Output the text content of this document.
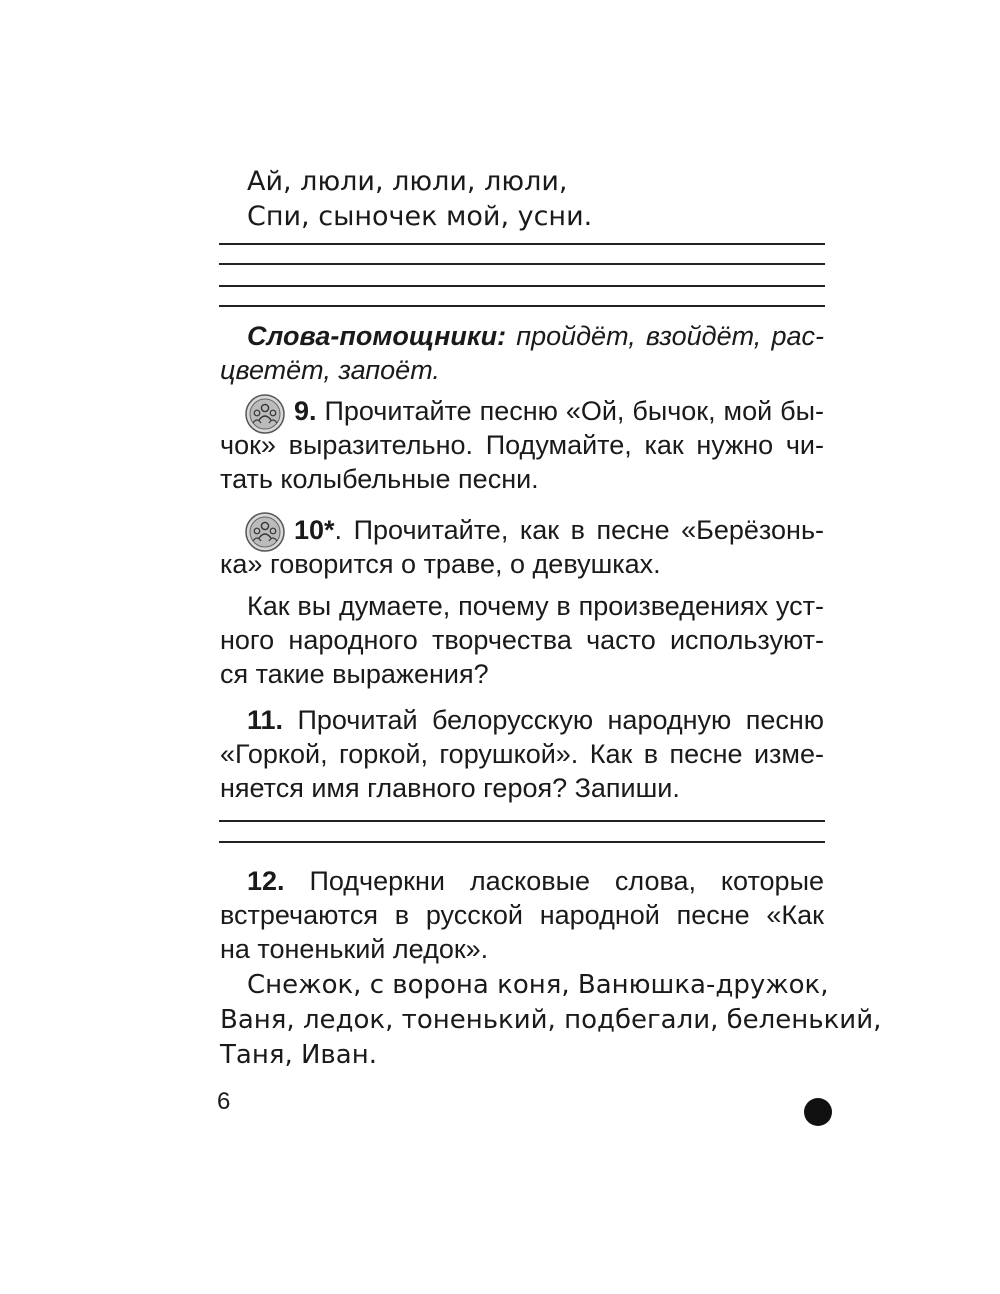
Ай, люли, люли, люли,
Спи, сыночек мой, усни.
Слова-помощники: пройдёт, взойдёт, рас-
цветёт, запоёт.
9. Прочитайте песню «Ой, бычок, мой бы-
чок» выразительно. Подумайте, как нужно чи-
тать колыбельные песни.
10*. Прочитайте, как в песне «Берёзонь-
ка» говорится о траве, о девушках.
Как вы думаете, почему в произведениях уст-
ного народного творчества часто используют-
ся такие выражения?
11. Прочитай белорусскую народную песню
«Горкой, горкой, горушкой». Как в песне изме-
няется имя главного героя? Запиши.
12. Подчеркни ласковые слова, которые
встречаются в русской народной песне «Как
на тоненький ледок».
Снежок, с ворона коня, Ванюшка-дружок,
Ваня, ледок, тоненький, подбегали, беленький,
Таня, Иван.
6
